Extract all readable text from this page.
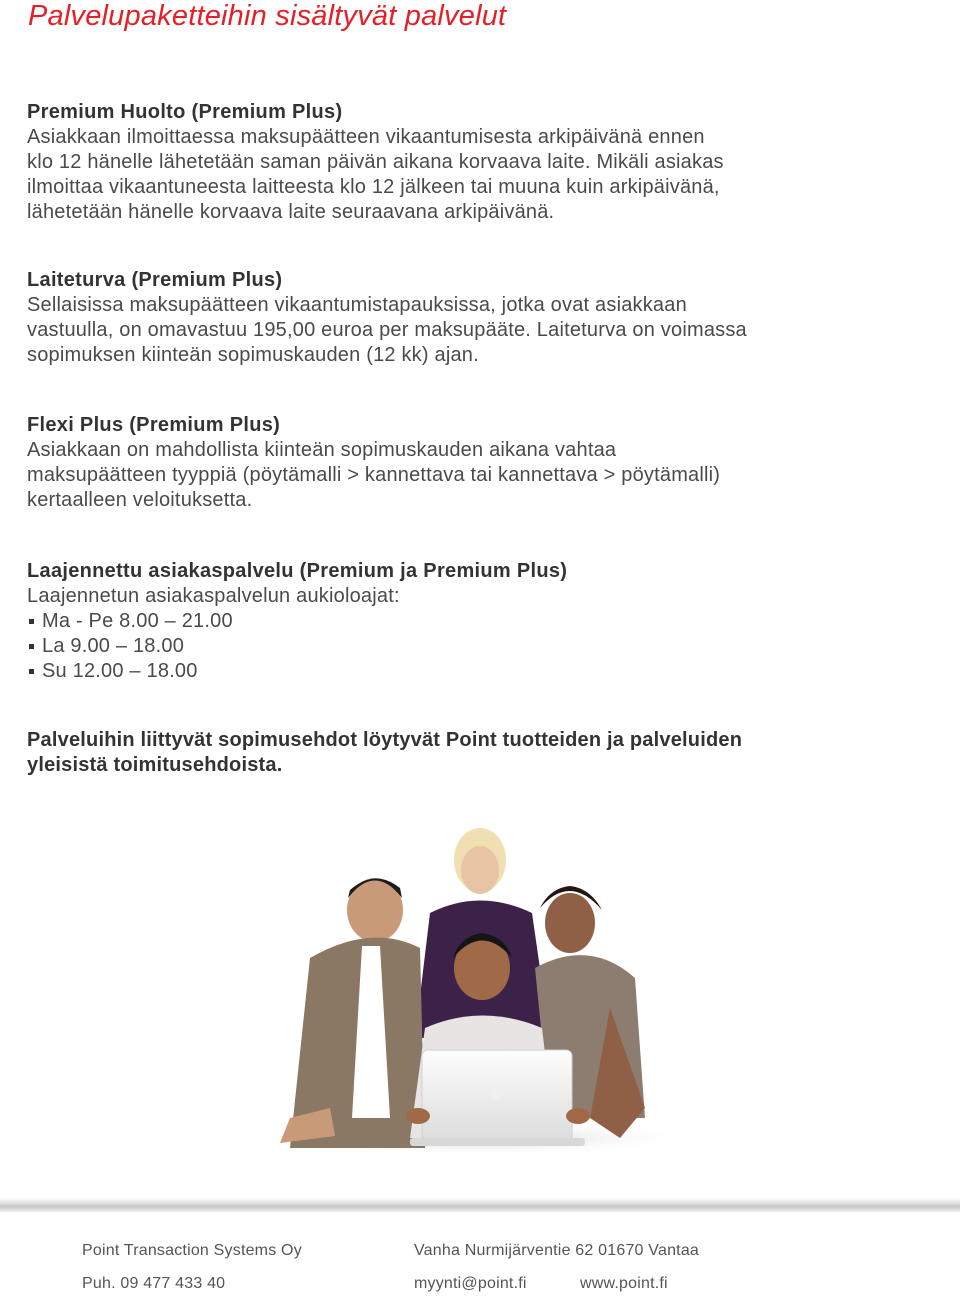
Palvelupaketteihin sisältyvät palvelut
Premium Huolto (Premium Plus)
Asiakkaan ilmoittaessa maksupäätteen vikaantumisesta arkipäivänä ennen
klo 12 hänelle lähetetään saman päivän aikana korvaava laite. Mikäli asiakas
ilmoittaa vikaantuneesta laitteesta klo 12 jälkeen tai muuna kuin arkipäivänä,
lähetetään hänelle korvaava laite seuraavana arkipäivänä.
Laiteturva (Premium Plus)
Sellaisissa maksupäätteen vikaantumistapauksissa, jotka ovat asiakkaan
vastuulla, on omavastuu 195,00 euroa per maksupääte. Laiteturva on voimassa
sopimuksen kiinteän sopimuskauden (12 kk) ajan.
Flexi Plus (Premium Plus)
Asiakkaan on mahdollista kiinteän sopimuskauden aikana vahtaa
maksupäätteen tyyppiä (pöytämalli > kannettava tai kannettava > pöytämalli)
kertaalleen veloituksetta.
Laajennettu asiakaspalvelu (Premium ja Premium Plus)
Laajennetun asiakaspalvelun aukioloajat:
Ma - Pe 8.00 – 21.00
La 9.00 – 18.00
Su 12.00 – 18.00
Palveluihin liittyvät sopimusehdot löytyvät Point tuotteiden ja palveluiden
yleisistä toimitusehdoista.
Point Transaction Systems Oy	Vanha Nurmijärventie 62 01670 Vantaa
Puh. 09 477 433 40	myynti@point.fi	www.point.fi
